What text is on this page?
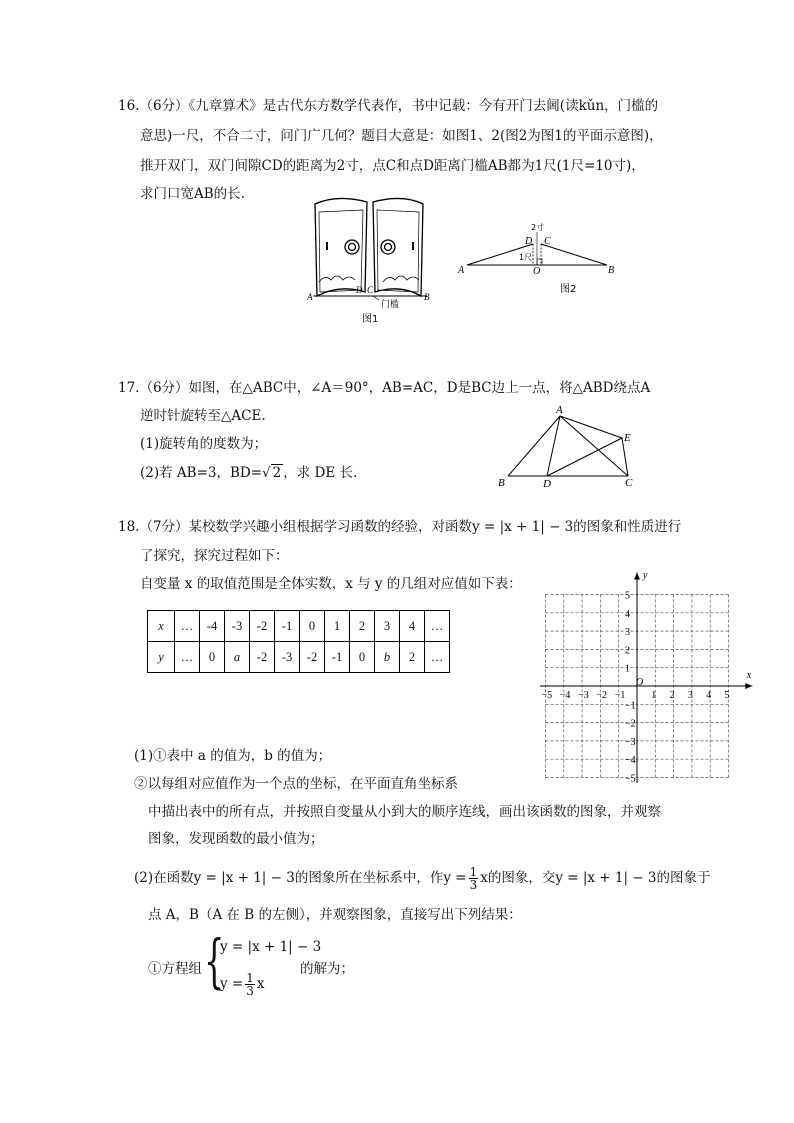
16.（6分）《九章算术》是古代东方数学代表作，书中记载：今有开门去阃(读kǔn，门槛的
意思)一尺，不合二寸，问门广几何？题目大意是：如图1、2(图2为图1的平面示意图)，
推开双门，双门间隙CD的距离为2寸，点C和点D距离门槛AB都为1尺(1尺=10寸)，
求门口宽AB的长.
A	B
D C
门槛
图1
2寸
D C
1尺
A	O	B
图2
17.（6分）如图，在△ABC中，∠A＝90°，AB=AC，D是BC边上一点，将△ABD绕点A
逆时针旋转至△ACE.
(1)旋转角的度数为；
(2)若 AB=3，BD=√ 2 ，求 DE 长.
A
E
B	D	C
18.（7分）某校数学兴趣小组根据学习函数的经验，对函数y = |x + 1| − 3的图象和性质进行
了探究，探究过程如下：
自变量 x 的取值范围是全体实数，x 与 y 的几组对应值如下表：
x	…	-4	-3	-2	-1	0	1	2	3	4	…
y	…	0	a	-2	-3	-2	-1	0	b	2	…
−5 −4 −3 −2 −1	1 2 3 4 5
5
4
3
2
1
−1
−2
−3
−4
−5
O
x
y
(1)①表中 a 的值为，b 的值为；
②以每组对应值作为一个点的坐标，在平面直角坐标系
中描出表中的所有点，并按照自变量从小到大的顺序连线，画出该函数的图象，并观察
图象，发现函数的最小值为；
(2)在函数y = |x + 1| − 3的图象所在坐标系中，作$y = \frac{1}{3}$ x的图象，交y = |x + 1| − 3的图象于
点 A，B（A 在 B 的左侧），并观察图象，直接写出下列结果：
①方程组 {
y = |x + 1| − 3
$y = \frac{1}{3}$ x
的解为；
